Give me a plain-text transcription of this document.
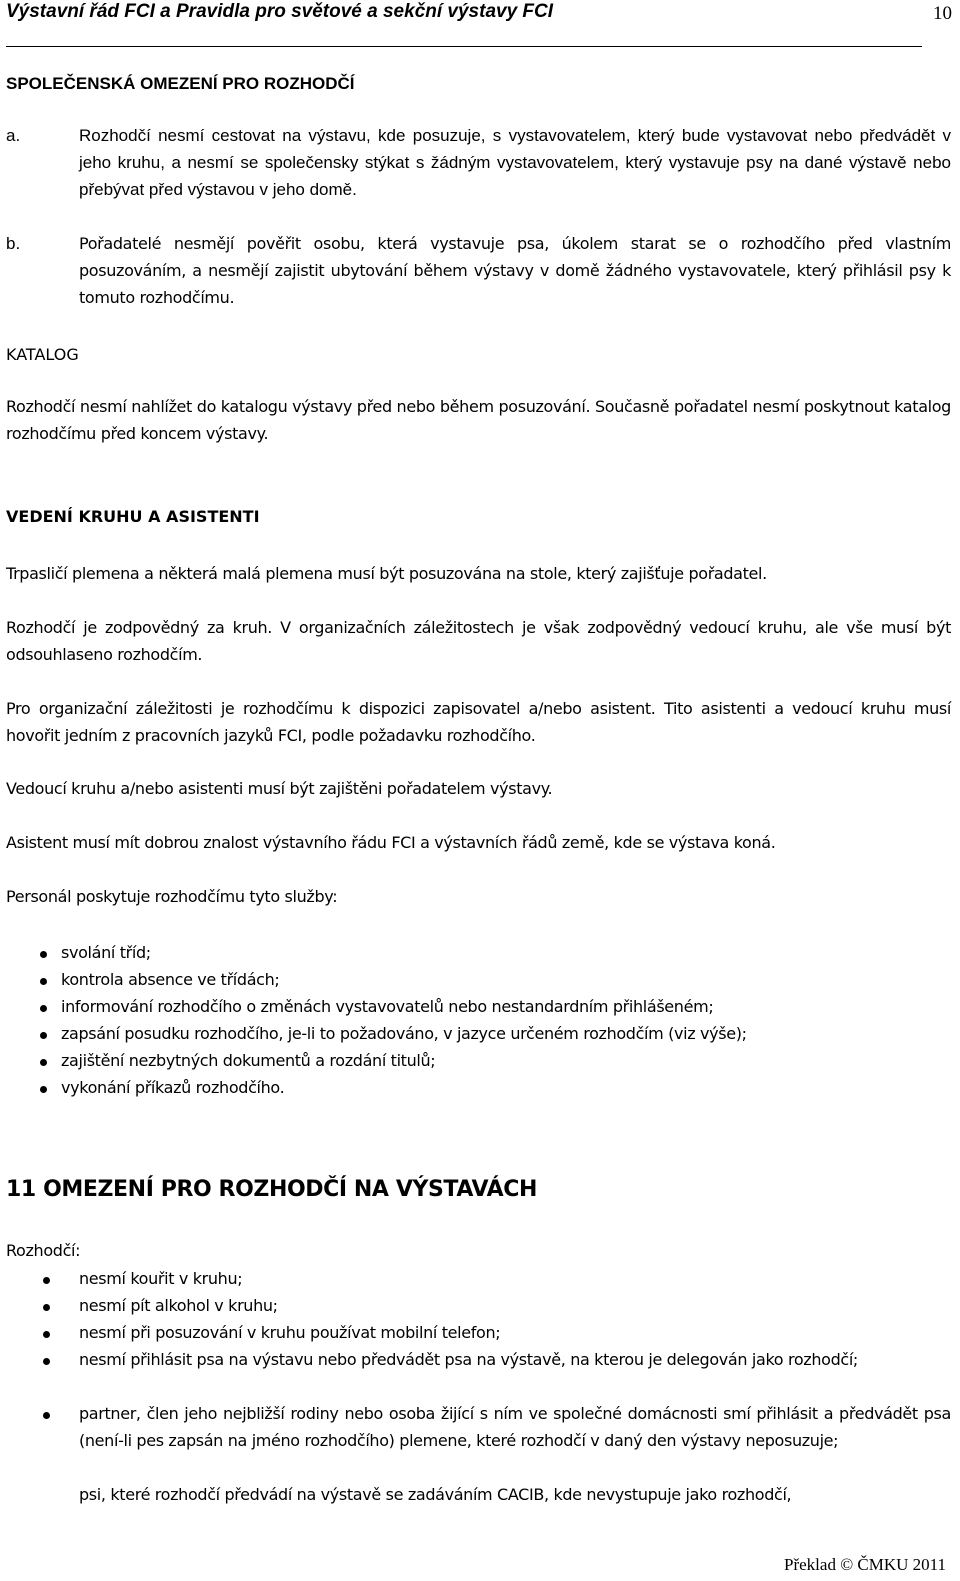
Výstavní řád FCI a Pravidla pro světové a sekční výstavy FCI	10
SPOLEČENSKÁ OMEZENÍ PRO ROZHODČÍ
a.	Rozhodčí nesmí cestovat na výstavu, kde posuzuje, s vystavovatelem, který bude vystavovat nebo předvádět v jeho kruhu, a nesmí se společensky stýkat s žádným vystavovatelem, který vystavuje psy na dané výstavě nebo přebývat před výstavou v jeho domě.
b.	Pořadatelé nesmějí pověřit osobu, která vystavuje psa, úkolem starat se o rozhodčího před vlastním posuzováním, a nesmějí zajistit ubytování během výstavy v domě žádného vystavovatele, který přihlásil psy k tomuto rozhodčímu.
KATALOG
Rozhodčí nesmí nahlížet do katalogu výstavy před nebo během posuzování. Současně pořadatel nesmí poskytnout katalog rozhodčímu před koncem výstavy.
VEDENÍ KRUHU A ASISTENTI
Trpasličí plemena a některá malá plemena musí být posuzována na stole, který zajišťuje pořadatel.
Rozhodčí je zodpovědný za kruh. V organizačních záležitostech je však zodpovědný vedoucí kruhu, ale vše musí být odsouhlaseno rozhodčím.
Pro organizační záležitosti je rozhodčímu k dispozici zapisovatel a/nebo asistent. Tito asistenti a vedoucí kruhu musí hovořit jedním z pracovních jazyků FCI, podle požadavku rozhodčího.
Vedoucí kruhu a/nebo asistenti musí být zajištěni pořadatelem výstavy.
Asistent musí mít dobrou znalost výstavního řádu FCI a výstavních řádů země, kde se výstava koná.
Personál poskytuje rozhodčímu tyto služby:
svolání tříd;
kontrola absence ve třídách;
informování rozhodčího o změnách vystavovatelů nebo nestandardním přihlášeném;
zapsání posudku rozhodčího, je-li to požadováno, v jazyce určeném rozhodčím (viz výše);
zajištění nezbytných dokumentů a rozdání titulů;
vykonání příkazů rozhodčího.
11 OMEZENÍ PRO ROZHODČÍ NA VÝSTAVÁCH
Rozhodčí:
nesmí kouřit v kruhu;
nesmí pít alkohol v kruhu;
nesmí při posuzování v kruhu používat mobilní telefon;
nesmí přihlásit psa na výstavu nebo předvádět psa na výstavě, na kterou je delegován jako rozhodčí;
partner, člen jeho nejbližší rodiny nebo osoba žijící s ním ve společné domácnosti smí přihlásit a předvádět psa (není-li pes zapsán na jméno rozhodčího) plemene, které rozhodčí v daný den výstavy neposuzuje;
psi, které rozhodčí předvádí na výstavě se zadáváním CACIB, kde nevystupuje jako rozhodčí,
Překlad © ČMKU 2011
